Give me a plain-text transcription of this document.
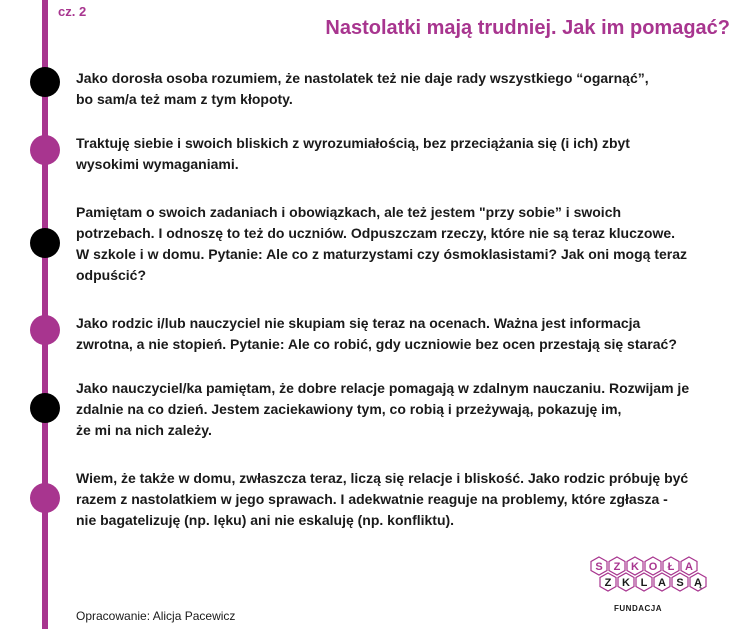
cz. 2
Nastolatki mają trudniej. Jak im pomagać?
Jako dorosła osoba rozumiem, że nastolatek też nie daje rady wszystkiego “ogarnąć”,
bo sam/a też mam z tym kłopoty.
Traktuję siebie i swoich bliskich z wyrozumiałością, bez przeciążania się (i ich) zbyt
wysokimi wymaganiami.
Pamiętam o swoich zadaniach i obowiązkach, ale też jestem "przy sobie” i swoich
potrzebach. I odnoszę to też do uczniów. Odpuszczam rzeczy, które nie są teraz kluczowe.
W szkole i w domu. Pytanie: Ale co z maturzystami czy ósmoklasistami? Jak oni mogą teraz
odpuścić?
Jako rodzic i/lub nauczyciel nie skupiam się teraz na ocenach. Ważna jest informacja
zwrotna, a nie stopień. Pytanie: Ale co robić, gdy uczniowie bez ocen przestają się starać?
Jako nauczyciel/ka pamiętam, że dobre relacje pomagają w zdalnym nauczaniu. Rozwijam je
zdalnie na co dzień. Jestem zaciekawiony tym, co robią i przeżywają, pokazuję im,
że mi na nich zależy.
Wiem, że także w domu, zwłaszcza teraz, liczą się relacje i bliskość. Jako rodzic próbuję być
razem z nastolatkiem w jego sprawach. I adekwatnie reaguje na problemy, które zgłasza -
nie bagatelizuję (np. lęku) ani nie eskaluję (np. konfliktu).
Opracowanie: Alicja Pacewicz
S Z K O Ł A
Z K L A S Ą
FUNDACJA
